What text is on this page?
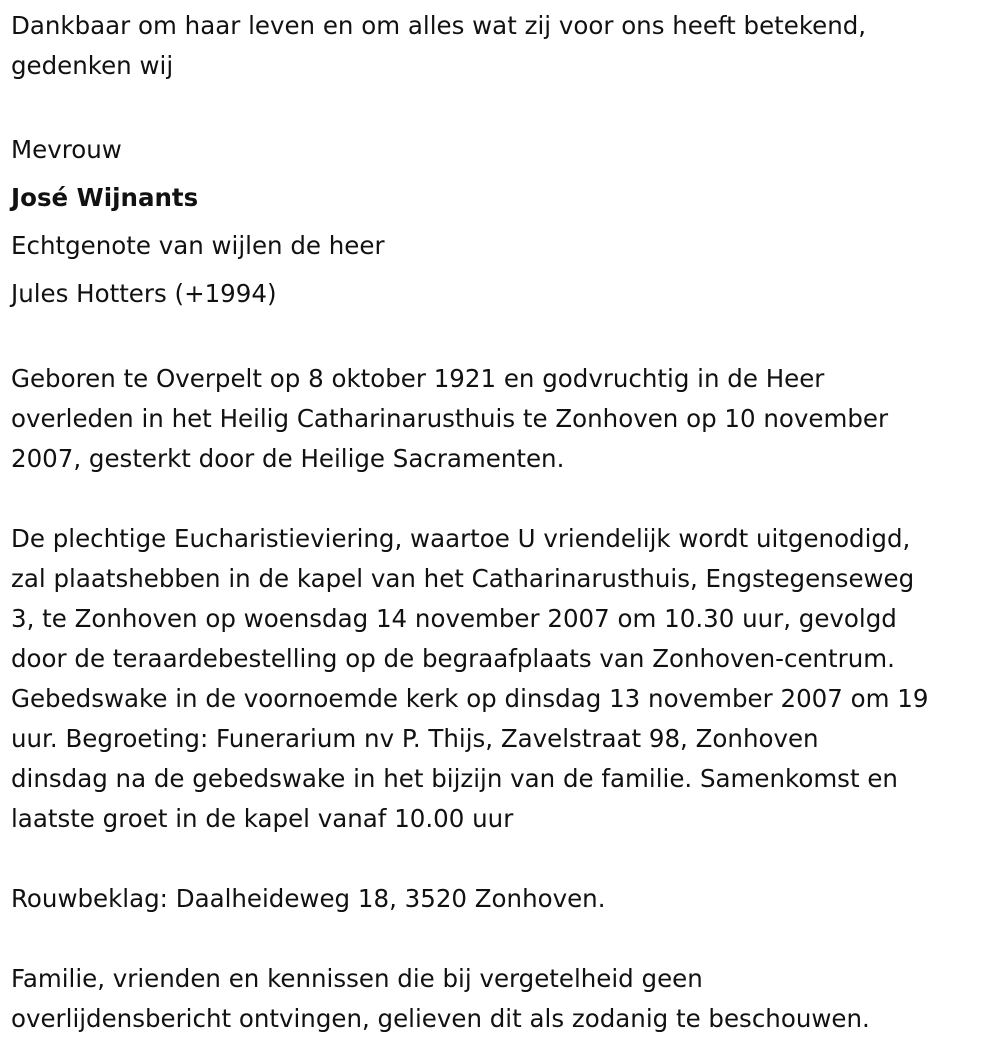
Dankbaar om haar leven en om alles wat zij voor ons heeft betekend,
gedenken wij

Mevrouw

José Wijnants

Echtgenote van wijlen de heer

Jules Hotters (+1994)

Geboren te Overpelt op 8 oktober 1921 en godvruchtig in de Heer
overleden in het Heilig Catharinarusthuis te Zonhoven op 10 november
2007, gesterkt door de Heilige Sacramenten.

De plechtige Eucharistieviering, waartoe U vriendelijk wordt uitgenodigd,
zal plaatshebben in de kapel van het Catharinarusthuis, Engstegenseweg
3, te Zonhoven op woensdag 14 november 2007 om 10.30 uur, gevolgd
door de teraardebestelling op de begraafplaats van Zonhoven-centrum.
Gebedswake in de voornoemde kerk op dinsdag 13 november 2007 om 19
uur. Begroeting: Funerarium nv P. Thijs, Zavelstraat 98, Zonhoven
dinsdag na de gebedswake in het bijzijn van de familie. Samenkomst en
laatste groet in de kapel vanaf 10.00 uur

Rouwbeklag: Daalheideweg 18, 3520 Zonhoven.

Familie, vrienden en kennissen die bij vergetelheid geen
overlijdensbericht ontvingen, gelieven dit als zodanig te beschouwen.
